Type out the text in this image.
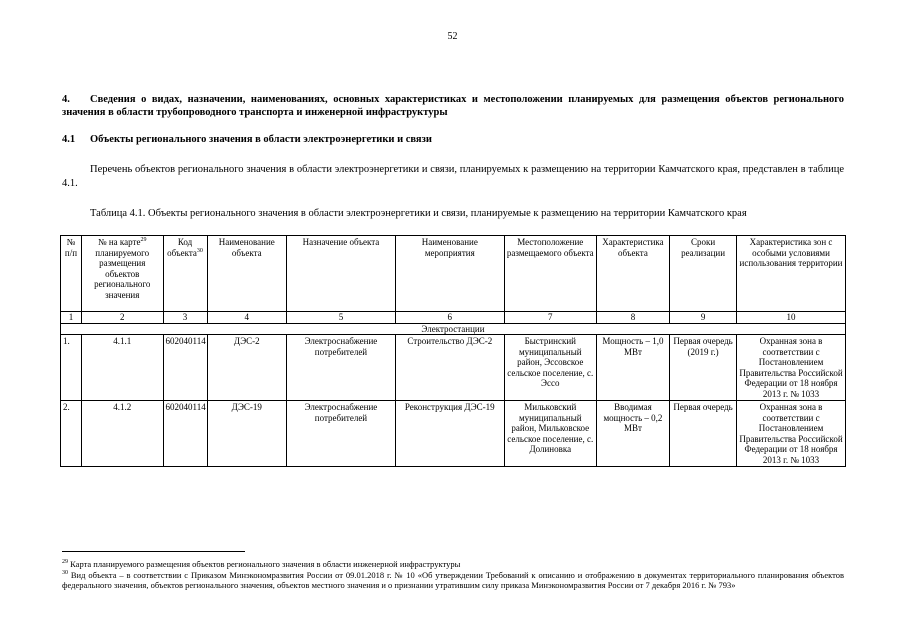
52
4. Сведения о видах, назначении, наименованиях, основных характеристиках и местоположении планируемых для размещения объектов регионального значения в области трубопроводного транспорта и инженерной инфраструктуры
4.1 Объекты регионального значения в области электроэнергетики и связи
Перечень объектов регионального значения в области электроэнергетики и связи, планируемых к размещению на территории Камчатского края, представлен в таблице 4.1.
Таблица 4.1. Объекты регионального значения в области электроэнергетики и связи, планируемые к размещению на территории Камчатского края
№ п/п	№ на карте$^{29}$ планируемого размещения объектов регионального значения	Код объекта$^{30}$	Наименование объекта	Назначение объекта	Наименование мероприятия	Местоположение размещаемого объекта	Характеристика объекта	Сроки реализации	Характеристика зон с особыми условиями использования территории
1	2	3	4	5	6	7	8	9	10
Электростанции									
1.	4.1.1	602040114	ДЭС-2	Электроснабжение потребителей	Строительство ДЭС-2	Быстринский муниципальный район, Эссовское сельское поселение, с. Эссо	Мощность – 1,0 МВт	Первая очередь (2019 г.)	Охранная зона в соответствии с Постановлением Правительства Российской Федерации от 18 ноября 2013 г. № 1033
2.	4.1.2	602040114	ДЭС-19	Электроснабжение потребителей	Реконструкция ДЭС-19	Мильковский муниципальный район, Мильковское сельское поселение, с. Долиновка	Вводимая мощность – 0,2 МВт	Первая очередь	Охранная зона в соответствии с Постановлением Правительства Российской Федерации от 18 ноября 2013 г. № 1033

$^{29}$ Карта планируемого размещения объектов регионального значения в области инженерной инфраструктуры

$^{30}$ Вид объекта – в соответствии с Приказом Минэкономразвития России от 09.01.2018 г. № 10 «Об утверждении Требований к описанию и отображению в документах территориального планирования объектов федерального значения, объектов регионального значения, объектов местного значения и о признании утратившим силу приказа Минэкономразвития России от 7 декабря 2016 г. № 793»
